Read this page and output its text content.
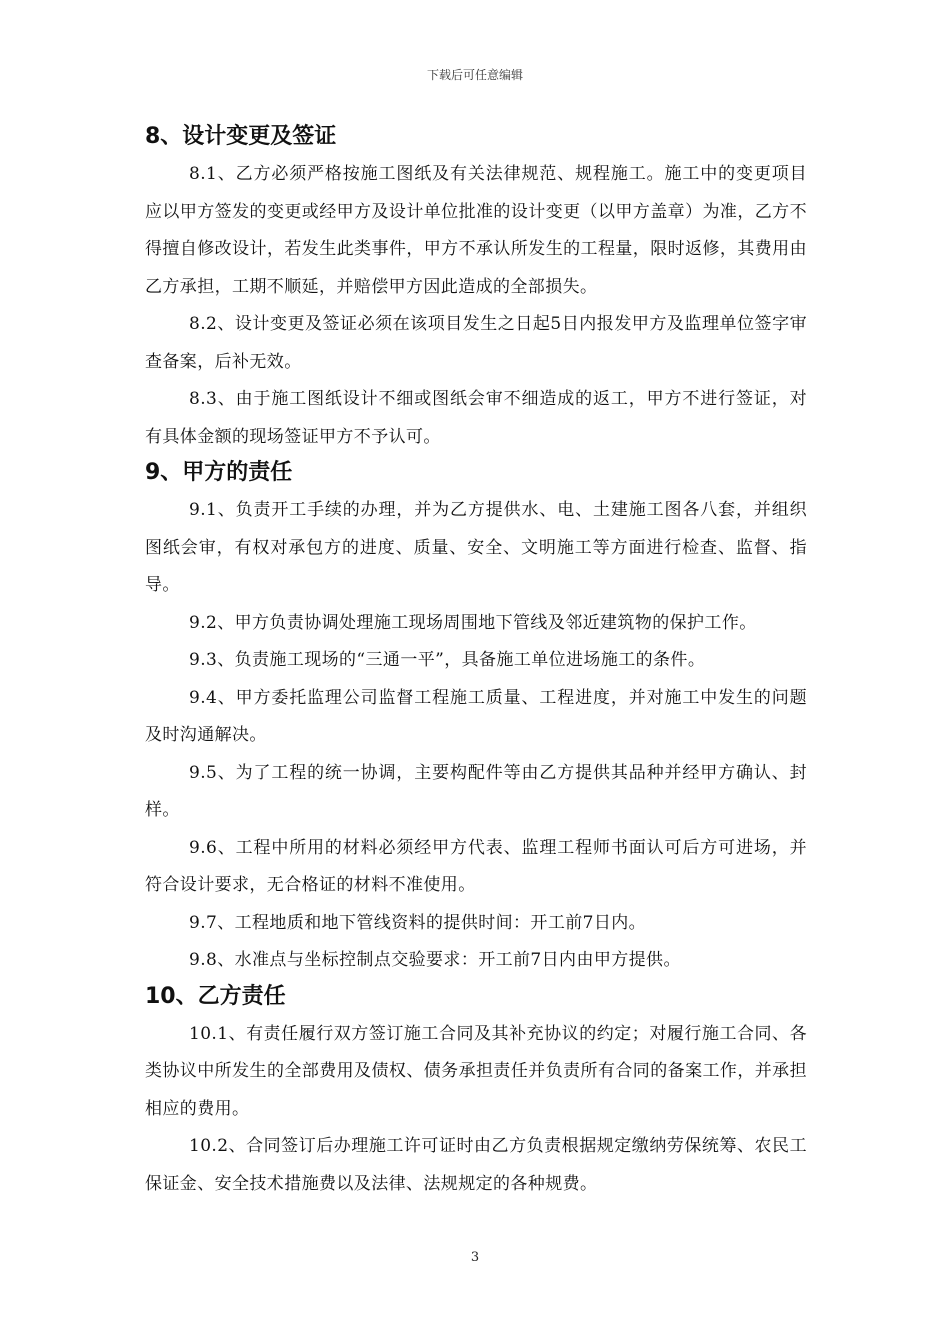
下载后可任意编辑
8、设计变更及签证

8.1、乙方必须严格按施工图纸及有关法律规范、规程施工。施工中的变更项目应以甲方签发的变更或经甲方及设计单位批准的设计变更（以甲方盖章）为准，乙方不得擅自修改设计，若发生此类事件，甲方不承认所发生的工程量，限时返修，其费用由乙方承担，工期不顺延，并赔偿甲方因此造成的全部损失。

8.2、设计变更及签证必须在该项目发生之日起5日内报发甲方及监理单位签字审查备案，后补无效。

8.3、由于施工图纸设计不细或图纸会审不细造成的返工，甲方不进行签证，对有具体金额的现场签证甲方不予认可。

9、甲方的责任

9.1、负责开工手续的办理，并为乙方提供水、电、土建施工图各八套，并组织图纸会审，有权对承包方的进度、质量、安全、文明施工等方面进行检查、监督、指导。

9.2、甲方负责协调处理施工现场周围地下管线及邻近建筑物的保护工作。

9.3、负责施工现场的“三通一平”，具备施工单位进场施工的条件。

9.4、甲方委托监理公司监督工程施工质量、工程进度，并对施工中发生的问题及时沟通解决。

9.5、为了工程的统一协调，主要构配件等由乙方提供其品种并经甲方确认、封样。

9.6、工程中所用的材料必须经甲方代表、监理工程师书面认可后方可进场，并符合设计要求，无合格证的材料不准使用。

9.7、工程地质和地下管线资料的提供时间：开工前7日内。

9.8、水准点与坐标控制点交验要求：开工前7日内由甲方提供。

10、乙方责任

10.1、有责任履行双方签订施工合同及其补充协议的约定；对履行施工合同、各类协议中所发生的全部费用及债权、债务承担责任并负责所有合同的备案工作，并承担相应的费用。

10.2、合同签订后办理施工许可证时由乙方负责根据规定缴纳劳保统筹、农民工保证金、安全技术措施费以及法律、法规规定的各种规费。

3
